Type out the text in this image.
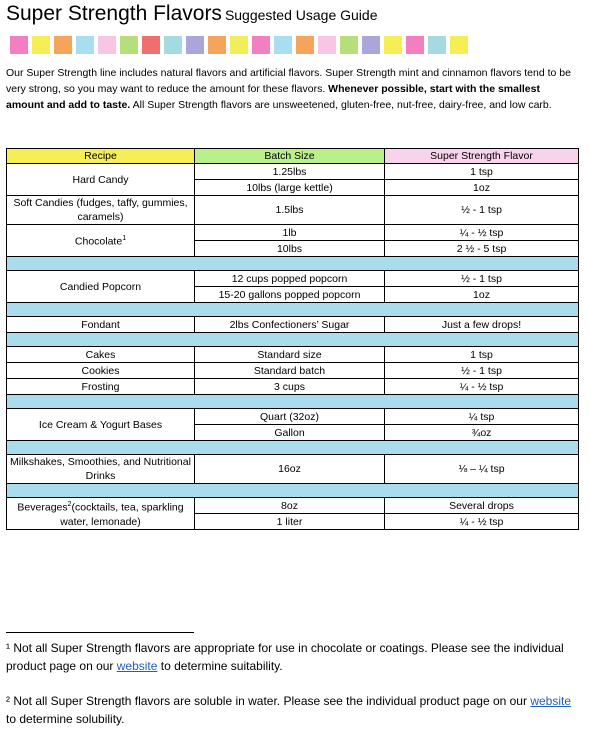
Super Strength Flavors Suggested Usage Guide
Our Super Strength line includes natural flavors and artificial flavors. Super Strength mint and cinnamon flavors tend to be very strong, so you may want to reduce the amount for these flavors. Whenever possible, start with the smallest amount and add to taste. All Super Strength flavors are unsweetened, gluten-free, nut-free, dairy-free, and low carb.
Recipe	Batch Size	Super Strength Flavor
Hard Candy	1.25lbs	1 tsp
	10lbs (large kettle)	1oz
Soft Candies (fudges, taffy, gummies, caramels)	1.5lbs	½ - 1 tsp
Chocolate$^1$	1lb	¼ - ½ tsp
	10lbs	2 ½ - 5 tsp

Candied Popcorn	12 cups popped popcorn	½ - 1 tsp
	15-20 gallons popped popcorn	1oz

Fondant	2lbs Confectioners’ Sugar	Just a few drops!

Cakes	Standard size	1 tsp
Cookies	Standard batch	½ - 1 tsp
Frosting	3 cups	¼ - ½ tsp

Ice Cream & Yogurt Bases	Quart (32oz)	¼ tsp
	Gallon	¾oz

Milkshakes, Smoothies, and Nutritional Drinks	16oz	⅛ – ¼ tsp

Beverages$^2$(cocktails, tea, sparkling water, lemonade)	8oz	Several drops
	1 liter	¼ - ½ tsp
¹ Not all Super Strength flavors are appropriate for use in chocolate or coatings. Please see the individual product page on our website to determine suitability.
² Not all Super Strength flavors are soluble in water. Please see the individual product page on our website to determine solubility.
